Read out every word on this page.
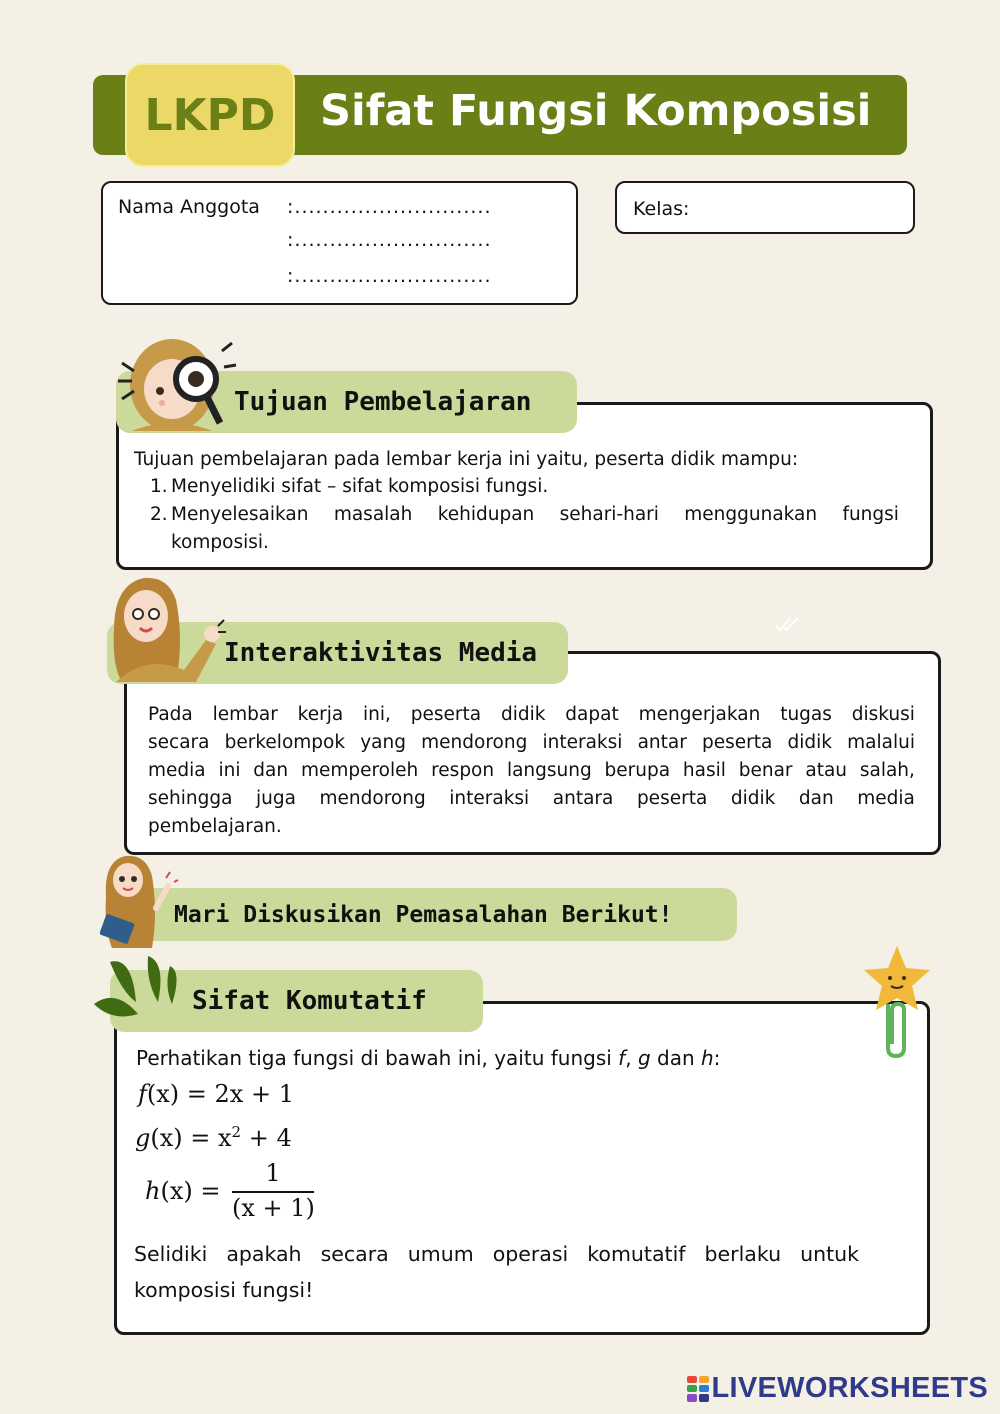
LKPD Sifat Fungsi Komposisi
Nama Anggota :............................
:............................
:............................
Kelas:
Tujuan Pembelajaran
Tujuan pembelajaran pada lembar kerja ini yaitu, peserta didik mampu:
1. Menyelidiki sifat – sifat komposisi fungsi.
2. Menyelesaikan masalah kehidupan sehari-hari menggunakan fungsi
komposisi.
Interaktivitas Media
Pada lembar kerja ini, peserta didik dapat mengerjakan tugas diskusi
secara berkelompok yang mendorong interaksi antar peserta didik malalui
media ini dan memperoleh respon langsung berupa hasil benar atau salah,
sehingga juga mendorong interaksi antara peserta didik dan media
pembelajaran.
Mari Diskusikan Pemasalahan Berikut!
Sifat Komutatif
Perhatikan tiga fungsi di bawah ini, yaitu fungsi f, g dan h:
f(x) = 2x + 1
$g(x) = x^2 + 4$
h(x) =
1
(x + 1)
Selidiki apakah secara umum operasi komutatif berlaku untuk
komposisi fungsi!
LIVEWORKSHEETS
